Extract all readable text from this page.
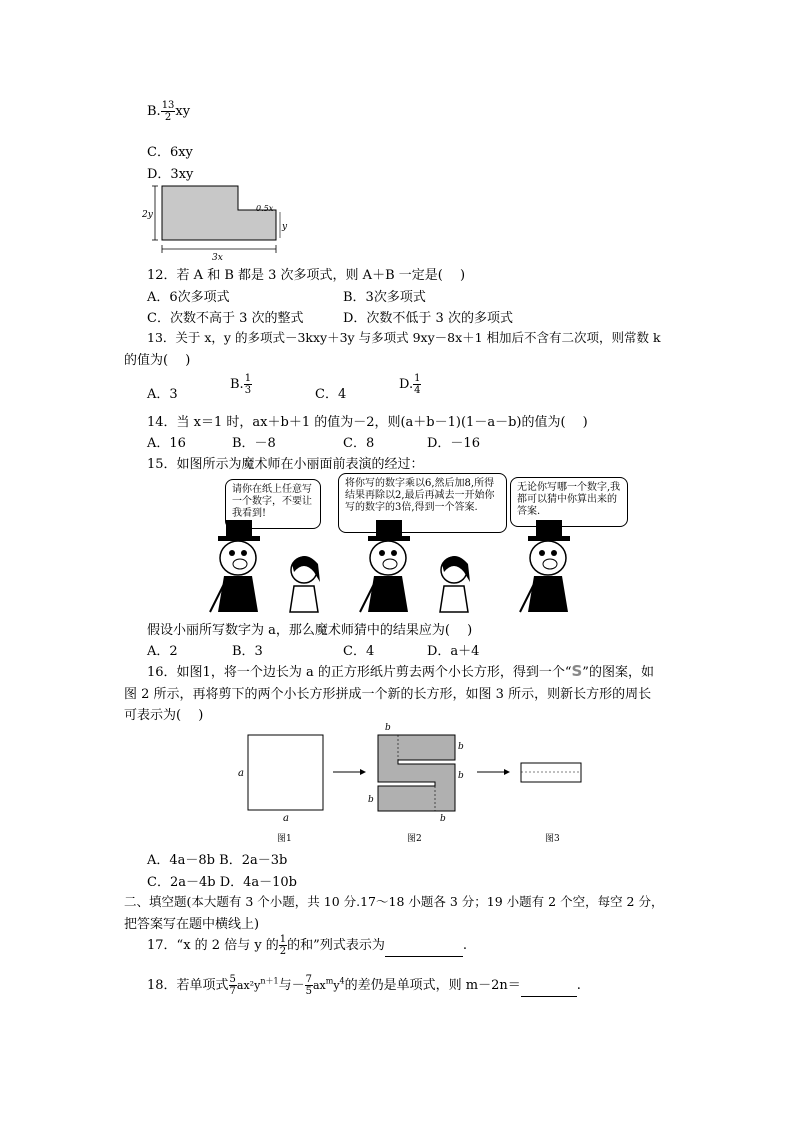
B. $\frac{13}{2}$ xy
C．6xy
D．3xy
2y
3x
0.5x
y
12．若 A 和 B 都是 3 次多项式，则 A＋B 一定是(　 )
A．6次多项式	B．3次多项式
C．次数不高于 3 次的整式	D．次数不低于 3 次的多项式
13．关于 x，y 的多项式－3kxy＋3y 与多项式 9xy－8x＋1 相加后不含有二次项，则常数 k
的值为(　 )
A．3
B. $\frac{1}{3}$	C．4
D. $\frac{1}{4}$
14．当 x＝1 时，ax＋b＋1 的值为－2，则(a＋b－1)(1－a－b)的值为(　 )
A．16	B．－8	C．8	D．－16
15．如图所示为魔术师在小丽面前表演的经过：
请你在纸上任意写一个数字，不要让我看到!
将你写的数字乘以6,然后加8,所得结果再除以2,最后再减去一开始你写的数字的3倍,得到一个答案.
无论你写哪一个数字,我都可以猜中你算出来的答案.
假设小丽所写数字为 a，那么魔术师猜中的结果应为(　 )
A．2	B．3	C．4	D．a＋4
16．如图1，将一个边长为 a 的正方形纸片剪去两个小长方形，得到一个“S”的图案，如
图 2 所示，再将剪下的两个小长方形拼成一个新的长方形，如图 3 所示，则新长方形的周长
可表示为(　 )
a
a
b
b
b
b
b
图1	图2	图3
A．4a－8b B．2a－3b
C．2a－4b D．4a－10b
二、填空题(本大题有 3 个小题，共 10 分.17～18 小题各 3 分；19 小题有 2 个空，每空 2 分，
把答案写在题中横线上)
17．“x 的 2 倍与 y 的 $\frac{1}{2}$ 的和”列式表示为	.
18．若单项式 $\frac{5}{7} ax^2y^{n+1}$与－ $\frac{7}{5} ax^my^4$的差仍是单项式，则 m－2n＝	.
